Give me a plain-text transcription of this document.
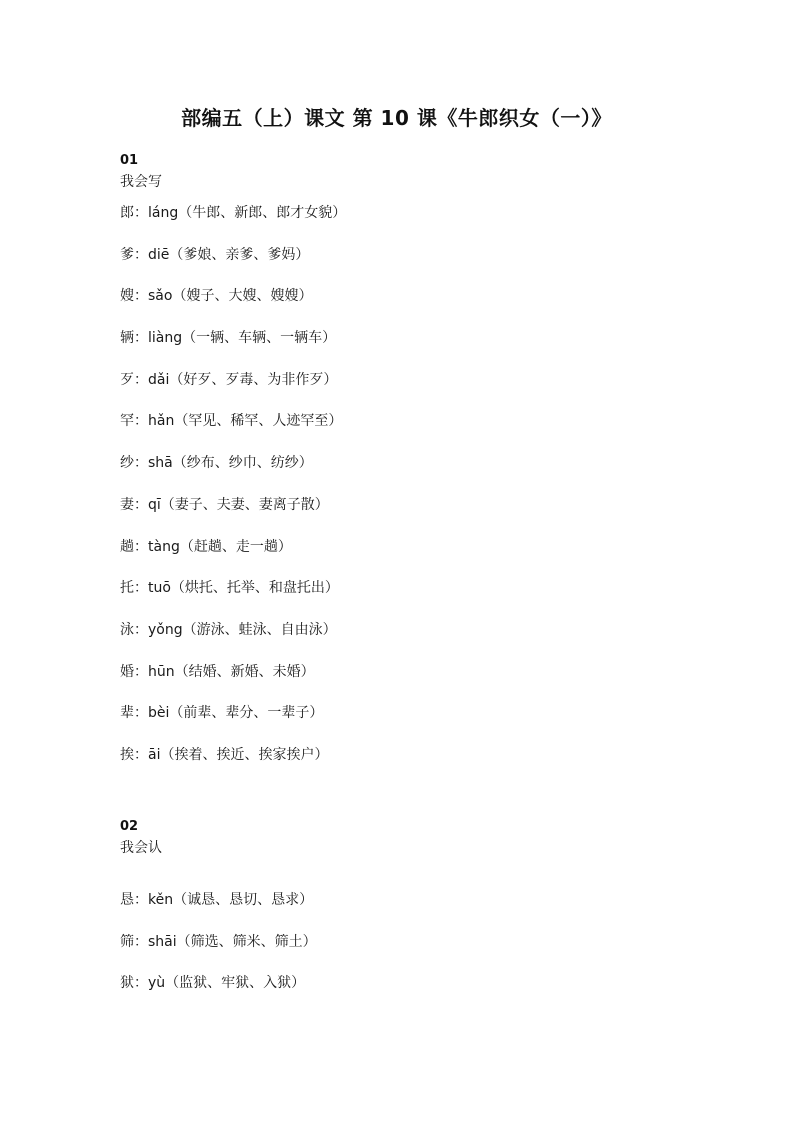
部编五（上）课文 第 10 课《牛郎织女（一）》
01
我会写
郎：láng（牛郎、新郎、郎才女貌）
爹：diē（爹娘、亲爹、爹妈）
嫂：sǎo（嫂子、大嫂、嫂嫂）
辆：liàng（一辆、车辆、一辆车）
歹：dǎi（好歹、歹毒、为非作歹）
罕：hǎn（罕见、稀罕、人迹罕至）
纱：shā（纱布、纱巾、纺纱）
妻：qī（妻子、夫妻、妻离子散）
趟：tàng（赶趟、走一趟）
托：tuō（烘托、托举、和盘托出）
泳：yǒng（游泳、蛙泳、自由泳）
婚：hūn（结婚、新婚、未婚）
辈：bèi（前辈、辈分、一辈子）
挨：āi（挨着、挨近、挨家挨户）
02
我会认
恳：kěn（诚恳、恳切、恳求）
筛：shāi（筛选、筛米、筛土）
狱：yù（监狱、牢狱、入狱）
